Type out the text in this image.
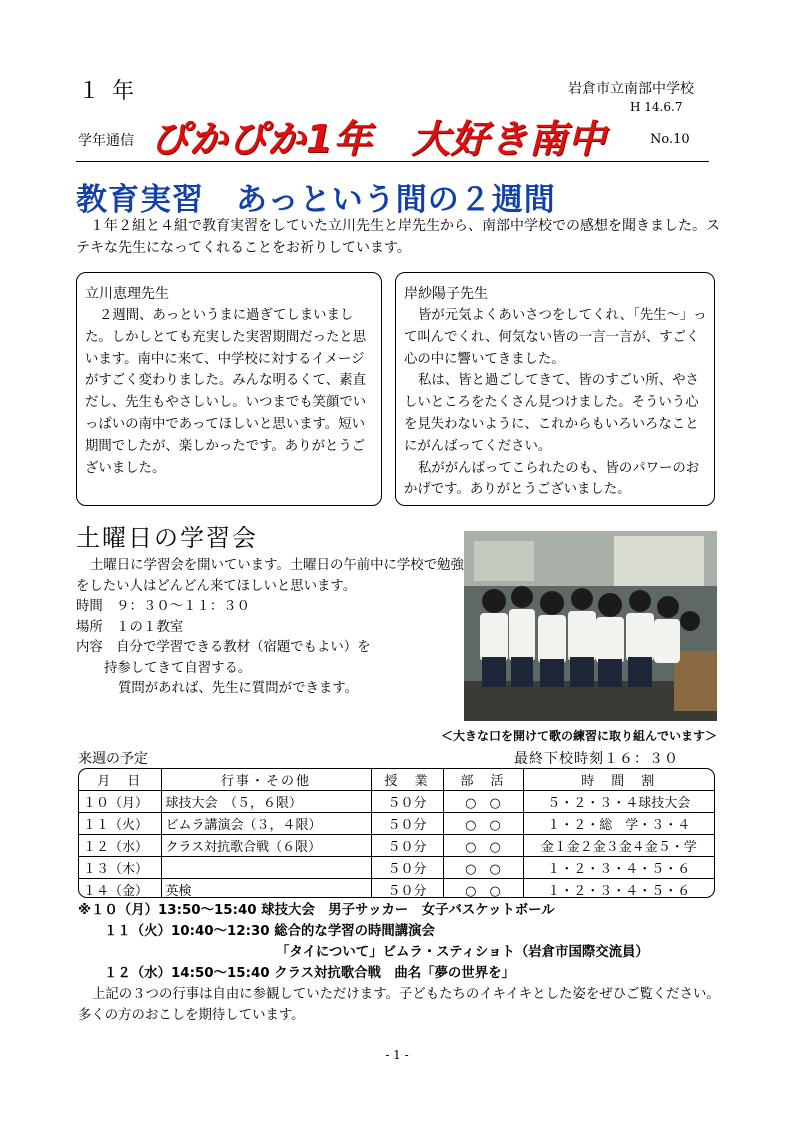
１年	岩倉市立南部中学校
H 14.6.7
学年通信 ぴかぴか1年　大好き南中	No.10
教育実習　あっという間の２週間
１年２組と４組で教育実習をしていた立川先生と岸先生から、南部中学校での感想を聞きました。ステキな先生になってくれることをお祈りしています。
立川恵理先生

２週間、あっというまに過ぎてしまいました。しかしとても充実した実習期間だったと思います。南中に来て、中学校に対するイメージがすごく変わりました。みんな明るくて、素直だし、先生もやさしいし。いつまでも笑顔でいっぱいの南中であってほしいと思います。短い期間でしたが、楽しかったです。ありがとうございました。

岸紗陽子先生

皆が元気よくあいさつをしてくれ、「先生～」って叫んでくれ、何気ない皆の一言一言が、すごく心の中に響いてきました。

私は、皆と過ごしてきて、皆のすごい所、やさしいところをたくさん見つけました。そういう心を見失わないように、これからもいろいろなことにがんばってください。

私ががんばってこられたのも、皆のパワーのおかげです。ありがとうございました。

土曜日の学習会

土曜日に学習会を開いています。土曜日の午前中に学校で勉強をしたい人はどんどん来てほしいと思います。

時間　９：３０～１１：３０

場所　１の１教室

内容　自分で学習できる教材（宿題でもよい）を

持参してきて自習する。

質問があれば、先生に質問ができます。

＜大きな口を開けて歌の練習に取り組んでいます＞
来週の予定	最終下校時刻１６：３０
月　日	行事・その他	授　業	部　活	時　間　割
１０（月）	球技大会　（５，６限）	５０分	○　○	５・２・３・４球技大会
１１（火）	ビムラ講演会（３，４限）	５０分	○　○	１・２・総　学・３・４
１２（水）	クラス対抗歌合戦（６限）	５０分	○　○	金１金２金３金４金５・学
１３（木）		５０分	○　○	１・２・３・４・５・６
１４（金）	英検	５０分	○　○	１・２・３・４・５・６

※１０（月）13:50～15:40 球技大会　男子サッカー　女子バスケットボール

１１（火）10:40～12:30 総合的な学習の時間講演会

「タイについて」ビムラ・スティショト（岩倉市国際交流員）

１２（水）14:50～15:40 クラス対抗歌合戦　曲名「夢の世界を」

上記の３つの行事は自由に参観していただけます。子どもたちのイキイキとした姿をぜひご覧ください。多くの方のおこしを期待しています。

- 1 -
